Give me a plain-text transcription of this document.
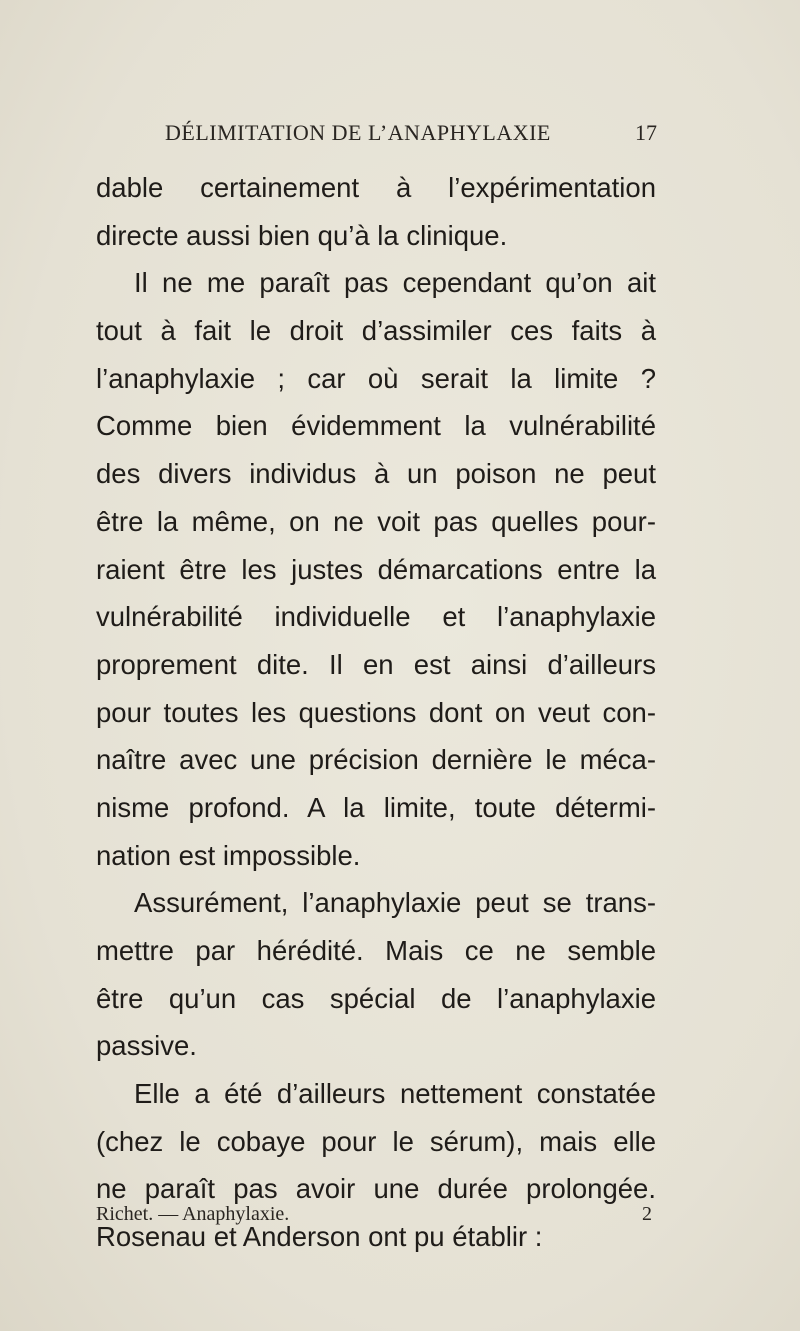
DÉLIMITATION DE L’ANAPHYLAXIE	17
dable certainement à l’expérimentation
directe aussi bien qu’à la clinique.
Il ne me paraît pas cependant qu’on ait
tout à fait le droit d’assimiler ces faits à
l’anaphylaxie ; car où serait la limite ?
Comme bien évidemment la vulnérabilité
des divers individus à un poison ne peut
être la même, on ne voit pas quelles pour-
raient être les justes démarcations entre la
vulnérabilité individuelle et l’anaphylaxie
proprement dite. Il en est ainsi d’ailleurs
pour toutes les questions dont on veut con-
naître avec une précision dernière le méca-
nisme profond. A la limite, toute détermi-
nation est impossible.
Assurément, l’anaphylaxie peut se trans-
mettre par hérédité. Mais ce ne semble
être qu’un cas spécial de l’anaphylaxie
passive.
Elle a été d’ailleurs nettement constatée
(chez le cobaye pour le sérum), mais elle
ne paraît pas avoir une durée prolongée.
Rosenau et Anderson ont pu établir :
Richet. — Anaphylaxie.	2
